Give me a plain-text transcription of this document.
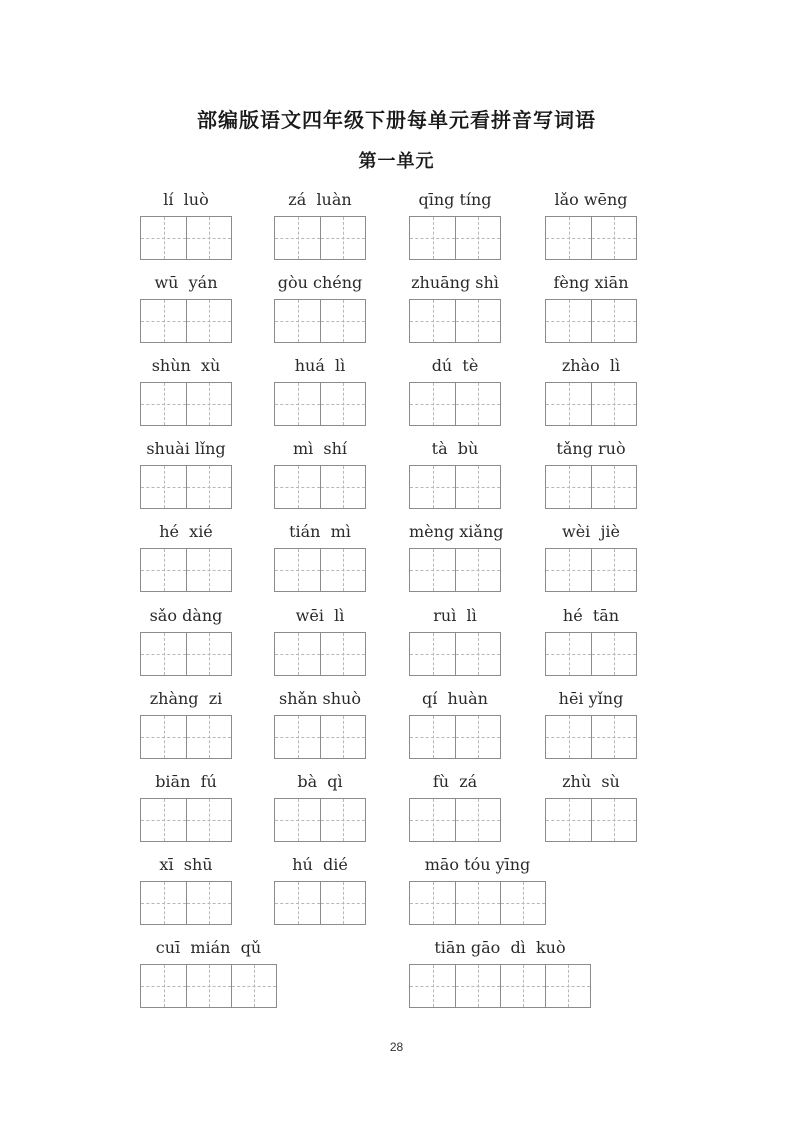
部编版语文四年级下册每单元看拼音写词语
第一单元
lí  luò	zá  luàn	qīng tíng	lǎo wēng
wū  yán	gòu chéng	zhuāng shì	fèng xiān
shùn  xù	huá  lì	dú  tè	zhào  lì
shuài lǐng	mì  shí	tà  bù	tǎng ruò
hé  xié	tián  mì	mèng xiǎng	wèi  jiè
sǎo dàng	wēi  lì	ruì  lì	hé  tān
zhàng  zi	shǎn shuò	qí  huàn	hēi yǐng
biān  fú	bà  qì	fù  zá	zhù  sù
xī  shū	hú  dié	māo tóu yīng
cuī  mián  qǔ	tiān gāo  dì  kuò
28
